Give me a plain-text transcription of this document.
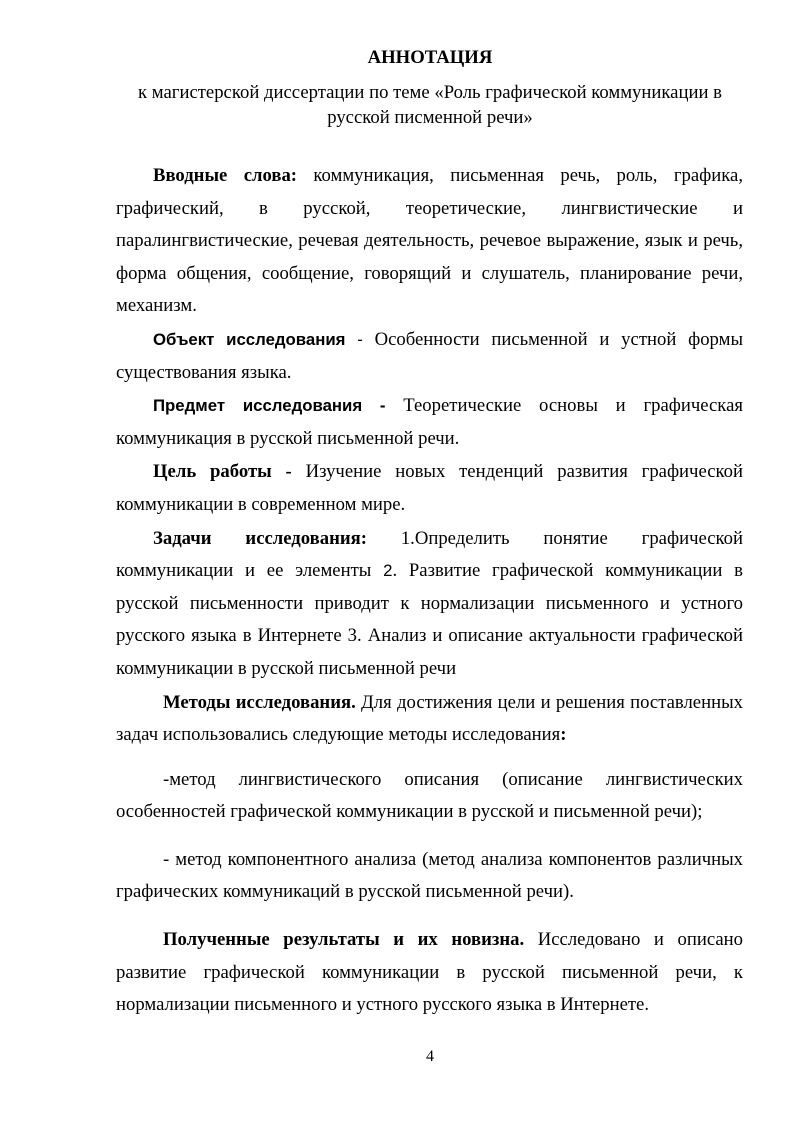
АННОТАЦИЯ
к магистерской диссертации по теме «Роль графической коммуникации в русской писменной речи»

Вводные слова: коммуникация, письменная речь, роль, графика, графический, в русской, теоретические, лингвистические и паралингвистические, речевая деятельность, речевое выражение, язык и речь, форма общения, сообщение, говорящий и слушатель, планирование речи, механизм.

Объект исследования - Особенности письменной и устной формы существования языка.

Предмет исследования - Теоретические основы и графическая коммуникация в русской письменной речи.

Цель работы - Изучение новых тенденций развития графической коммуникации в современном мире.

Задачи исследования: 1.Определить понятие графической коммуникации и ее элементы 2. Развитие графической коммуникации в русской письменности приводит к нормализации письменного и устного русского языка в Интернете 3. Анализ и описание актуальности графической коммуникации в русской письменной речи

Методы исследования. Для достижения цели и решения поставленных задач использовались следующие методы исследования:

-метод лингвистического описания (описание лингвистических особенностей графической коммуникации в русской и письменной речи);

- метод компонентного анализа (метод анализа компонентов различных графических коммуникаций в русской письменной речи).

Полученные результаты и их новизна. Исследовано и описано развитие графической коммуникации в русской письменной речи, к нормализации письменного и устного русского языка в Интернете.

4
